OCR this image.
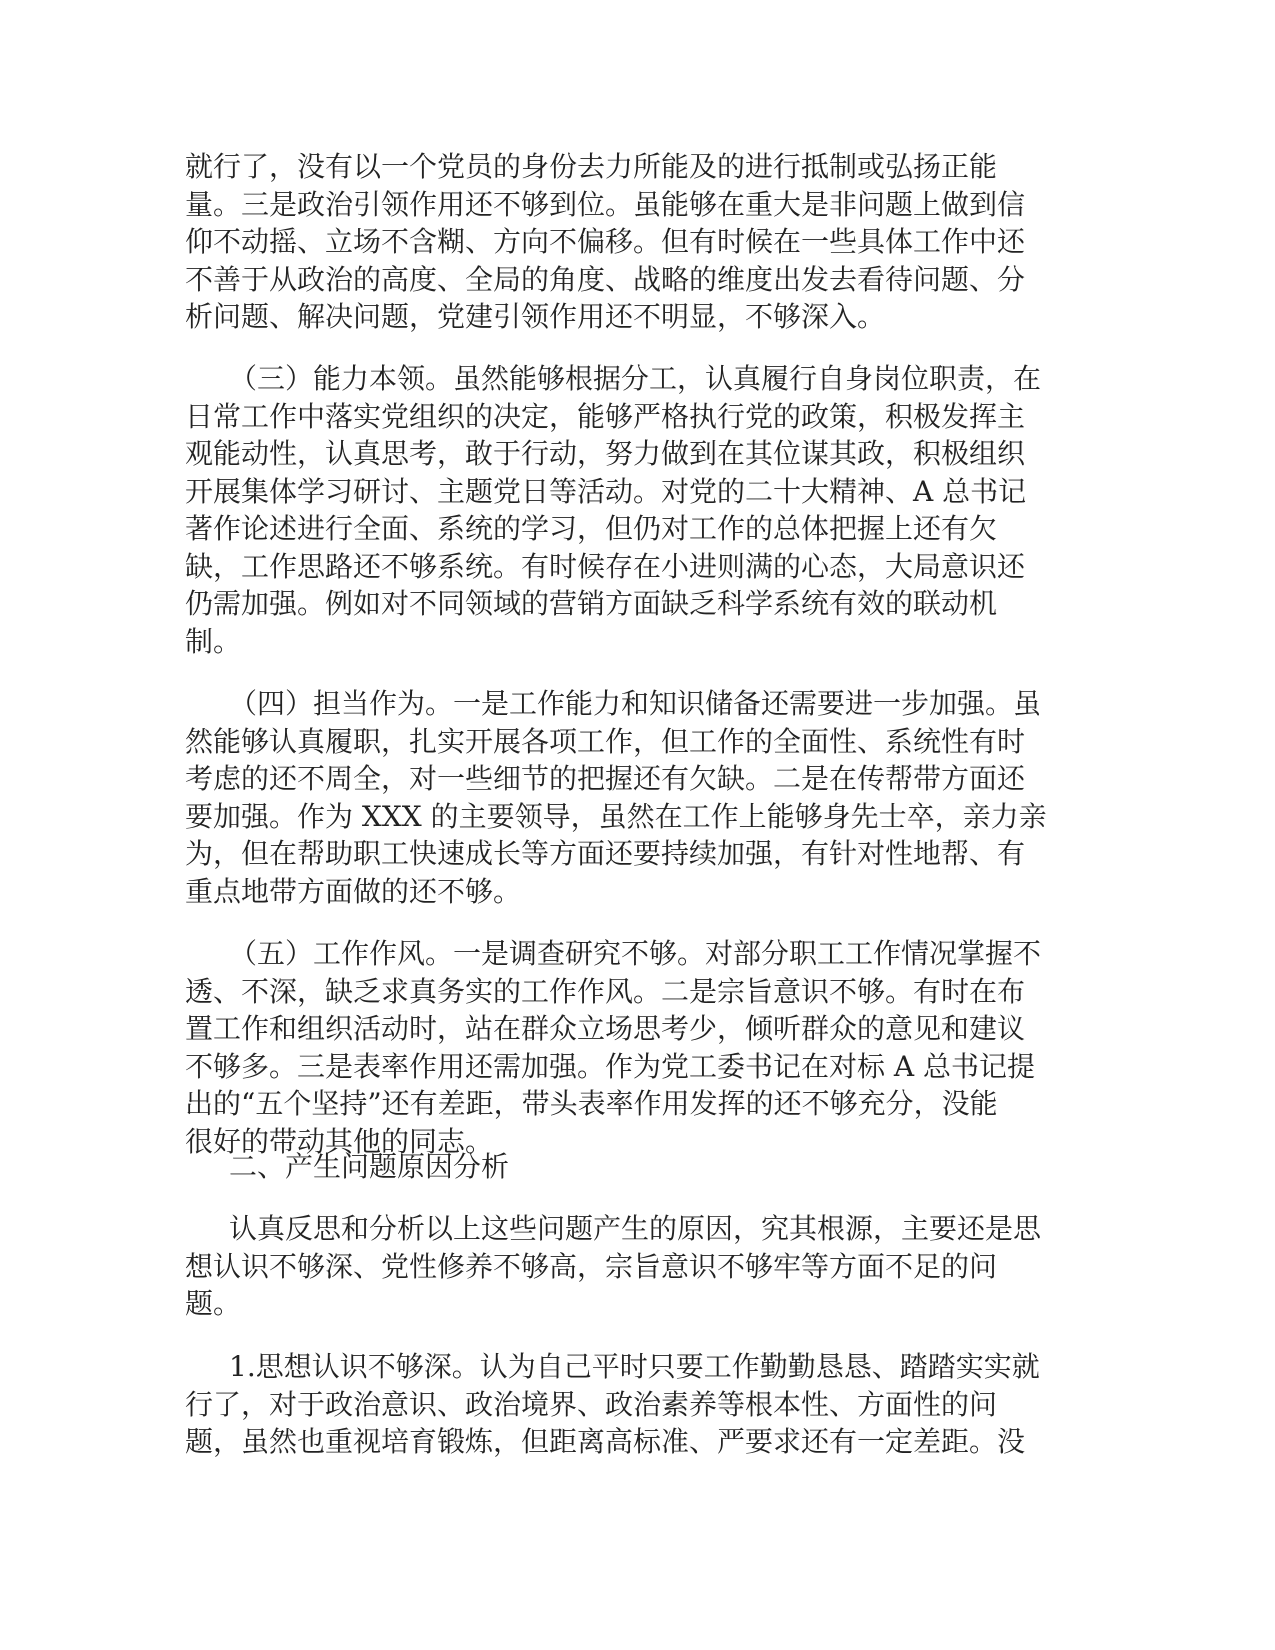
就行了，没有以一个党员的身份去力所能及的进行抵制或弘扬正能
量。三是政治引领作用还不够到位。虽能够在重大是非问题上做到信
仰不动摇、立场不含糊、方向不偏移。但有时候在一些具体工作中还
不善于从政治的高度、全局的角度、战略的维度出发去看待问题、分
析问题、解决问题，党建引领作用还不明显，不够深入。
（三）能力本领。虽然能够根据分工，认真履行自身岗位职责，在
日常工作中落实党组织的决定，能够严格执行党的政策，积极发挥主
观能动性，认真思考，敢于行动，努力做到在其位谋其政，积极组织
开展集体学习研讨、主题党日等活动。对党的二十大精神、A 总书记
著作论述进行全面、系统的学习，但仍对工作的总体把握上还有欠
缺，工作思路还不够系统。有时候存在小进则满的心态，大局意识还
仍需加强。例如对不同领域的营销方面缺乏科学系统有效的联动机
制。
（四）担当作为。一是工作能力和知识储备还需要进一步加强。虽
然能够认真履职，扎实开展各项工作，但工作的全面性、系统性有时
考虑的还不周全，对一些细节的把握还有欠缺。二是在传帮带方面还
要加强。作为 XXX 的主要领导，虽然在工作上能够身先士卒，亲力亲
为，但在帮助职工快速成长等方面还要持续加强，有针对性地帮、有
重点地带方面做的还不够。
（五）工作作风。一是调查研究不够。对部分职工工作情况掌握不
透、不深，缺乏求真务实的工作作风。二是宗旨意识不够。有时在布
置工作和组织活动时，站在群众立场思考少，倾听群众的意见和建议
不够多。三是表率作用还需加强。作为党工委书记在对标 A 总书记提
出的“五个坚持”还有差距，带头表率作用发挥的还不够充分，没能
很好的带动其他的同志。
二、产生问题原因分析
认真反思和分析以上这些问题产生的原因，究其根源，主要还是思
想认识不够深、党性修养不够高，宗旨意识不够牢等方面不足的问
题。
1.思想认识不够深。认为自己平时只要工作勤勤恳恳、踏踏实实就
行了，对于政治意识、政治境界、政治素养等根本性、方面性的问
题，虽然也重视培育锻炼，但距离高标准、严要求还有一定差距。没
